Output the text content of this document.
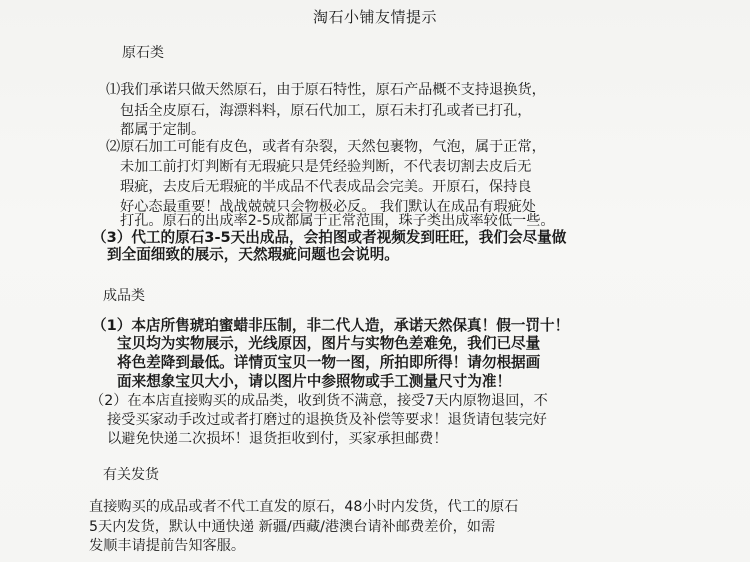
淘石小铺友情提示
原石类
⑴我们承诺只做天然原石，由于原石特性，原石产品概不支持退换货，
包括全皮原石，海漂料料，原石代加工，原石未打孔或者已打孔，
都属于定制。
⑵原石加工可能有皮色，或者有杂裂，天然包裹物，气泡，属于正常，
未加工前打灯判断有无瑕疵只是凭经验判断，不代表切割去皮后无
瑕疵，去皮后无瑕疵的半成品不代表成品会完美。开原石，保持良
好心态最重要！战战兢兢只会物极必反。 我们默认在成品有瑕疵处
打孔。原石的出成率2-5成都属于正常范围，珠子类出成率较低一些。
（3）代工的原石3-5天出成品，会拍图或者视频发到旺旺，我们会尽量做
到全面细致的展示，天然瑕疵问题也会说明。
成品类
（1）本店所售琥珀蜜蜡非压制，非二代人造，承诺天然保真！假一罚十！
宝贝均为实物展示，光线原因，图片与实物色差难免，我们已尽量
将色差降到最低。详情页宝贝一物一图，所拍即所得！请勿根据画
面来想象宝贝大小，请以图片中参照物或手工测量尺寸为准！
（2）在本店直接购买的成品类，收到货不满意，接受7天内原物退回，不
接受买家动手改过或者打磨过的退换货及补偿等要求！退货请包装完好
以避免快递二次损坏！退货拒收到付，买家承担邮费！
有关发货
直接购买的成品或者不代工直发的原石，48小时内发货，代工的原石
5天内发货，默认中通快递 新疆/西藏/港澳台请补邮费差价，如需
发顺丰请提前告知客服。
